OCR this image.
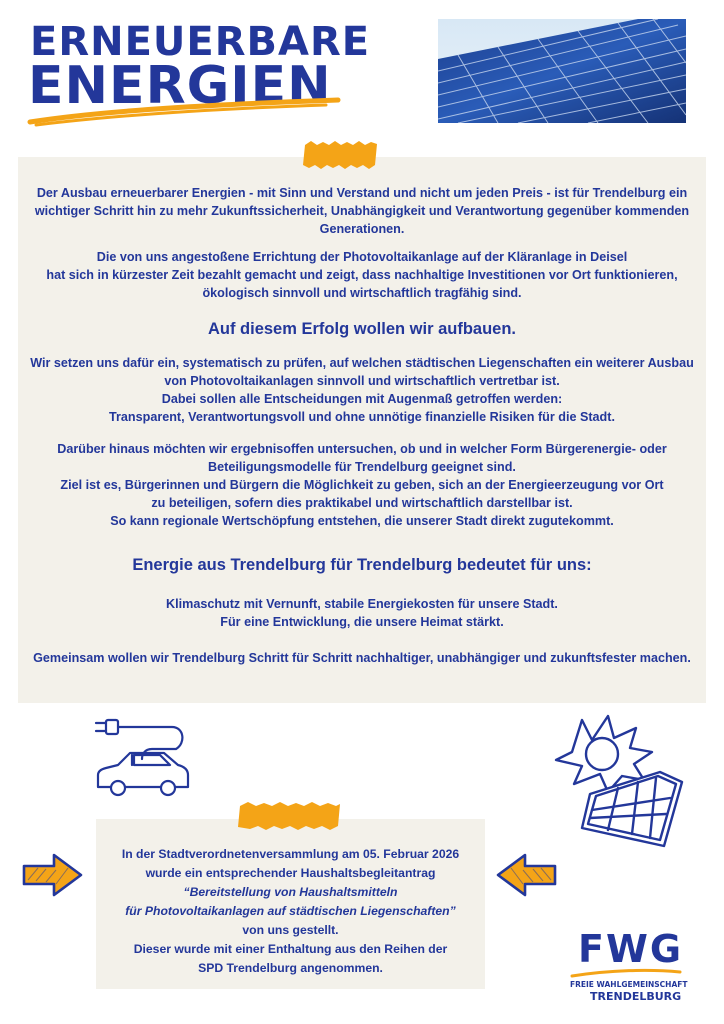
ERNEUERBARE
ENERGIEN

Der Ausbau erneuerbarer Energien - mit Sinn und Verstand und nicht um jeden Preis - ist für Trendelburg ein wichtiger Schritt hin zu mehr Zukunftssicherheit, Unabhängigkeit und Verantwortung gegenüber kommenden Generationen.

Die von uns angestoßene Errichtung der Photovoltaikanlage auf der Kläranlage in Deisel

hat sich in kürzester Zeit bezahlt gemacht und zeigt, dass nachhaltige Investitionen vor Ort funktionieren,

ökologisch sinnvoll und wirtschaftlich tragfähig sind.

Auf diesem Erfolg wollen wir aufbauen.

Wir setzen uns dafür ein, systematisch zu prüfen, auf welchen städtischen Liegenschaften ein weiterer Ausbau

von Photovoltaikanlagen sinnvoll und wirtschaftlich vertretbar ist.

Dabei sollen alle Entscheidungen mit Augenmaß getroffen werden:

Transparent, Verantwortungsvoll und ohne unnötige finanzielle Risiken für die Stadt.

Darüber hinaus möchten wir ergebnisoffen untersuchen, ob und in welcher Form Bürgerenergie- oder

Beteiligungsmodelle für Trendelburg geeignet sind.

Ziel ist es, Bürgerinnen und Bürgern die Möglichkeit zu geben, sich an der Energieerzeugung vor Ort

zu beteiligen, sofern dies praktikabel und wirtschaftlich darstellbar ist.

So kann regionale Wertschöpfung entstehen, die unserer Stadt direkt zugutekommt.

Energie aus Trendelburg für Trendelburg bedeutet für uns:

Klimaschutz mit Vernunft, stabile Energiekosten für unsere Stadt.

Für eine Entwicklung, die unsere Heimat stärkt.

Gemeinsam wollen wir Trendelburg Schritt für Schritt nachhaltiger, unabhängiger und zukunftsfester machen.

In der Stadtverordnetenversammlung am 05. Februar 2026

wurde ein entsprechender Haushaltsbegleitantrag

“Bereitstellung von Haushaltsmitteln

für Photovoltaikanlagen auf städtischen Liegenschaften”

von uns gestellt.

Dieser wurde mit einer Enthaltung aus den Reihen der

SPD Trendelburg angenommen.	FWG
FREIE WAHLGEMEINSCHAFT
TRENDELBURG
